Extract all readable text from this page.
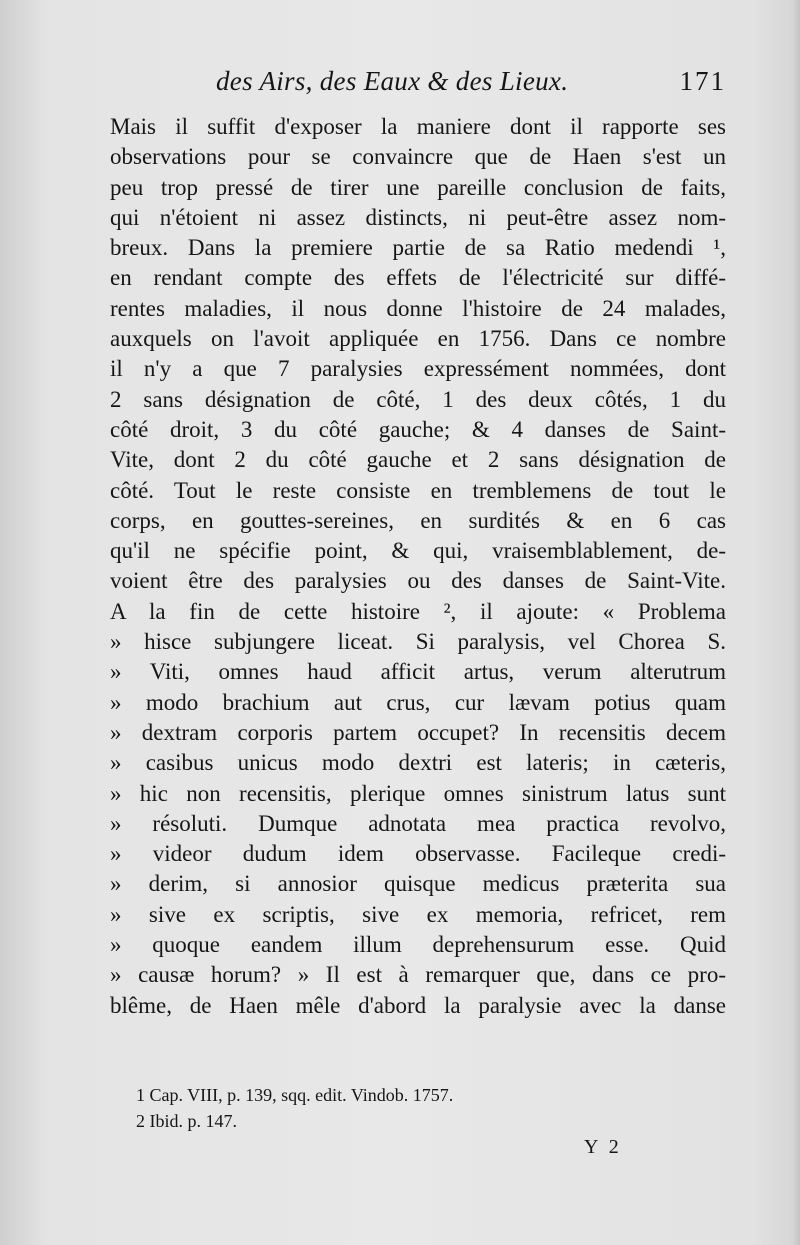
des Airs, des Eaux & des Lieux.	171
Mais il suffit d'exposer la maniere dont il rapporte ses
observations pour se convaincre que de Haen s'est un
peu trop pressé de tirer une pareille conclusion de faits,
qui n'étoient ni assez distincts, ni peut-être assez nom-
breux. Dans la premiere partie de sa Ratio medendi ¹,
en rendant compte des effets de l'électricité sur diffé-
rentes maladies, il nous donne l'histoire de 24 malades,
auxquels on l'avoit appliquée en 1756. Dans ce nombre
il n'y a que 7 paralysies expressément nommées, dont
2 sans désignation de côté, 1 des deux côtés, 1 du
côté droit, 3 du côté gauche; & 4 danses de Saint-
Vite, dont 2 du côté gauche et 2 sans désignation de
côté. Tout le reste consiste en tremblemens de tout le
corps, en gouttes-sereines, en surdités & en 6 cas
qu'il ne spécifie point, & qui, vraisemblablement, de-
voient être des paralysies ou des danses de Saint-Vite.
A la fin de cette histoire ², il ajoute: « Problema
» hisce subjungere liceat. Si paralysis, vel Chorea S.
» Viti, omnes haud afficit artus, verum alterutrum
» modo brachium aut crus, cur lævam potius quam
» dextram corporis partem occupet? In recensitis decem
» casibus unicus modo dextri est lateris; in cæteris,
» hic non recensitis, plerique omnes sinistrum latus sunt
» résoluti. Dumque adnotata mea practica revolvo,
» videor dudum idem observasse. Facileque credi-
» derim, si annosior quisque medicus præterita sua
» sive ex scriptis, sive ex memoria, refricet, rem
» quoque eandem illum deprehensurum esse. Quid
» causæ horum? » Il est à remarquer que, dans ce pro-
blême, de Haen mêle d'abord la paralysie avec la danse
1 Cap. VIII, p. 139, sqq. edit. Vindob. 1757.
2 Ibid. p. 147.
Y 2
